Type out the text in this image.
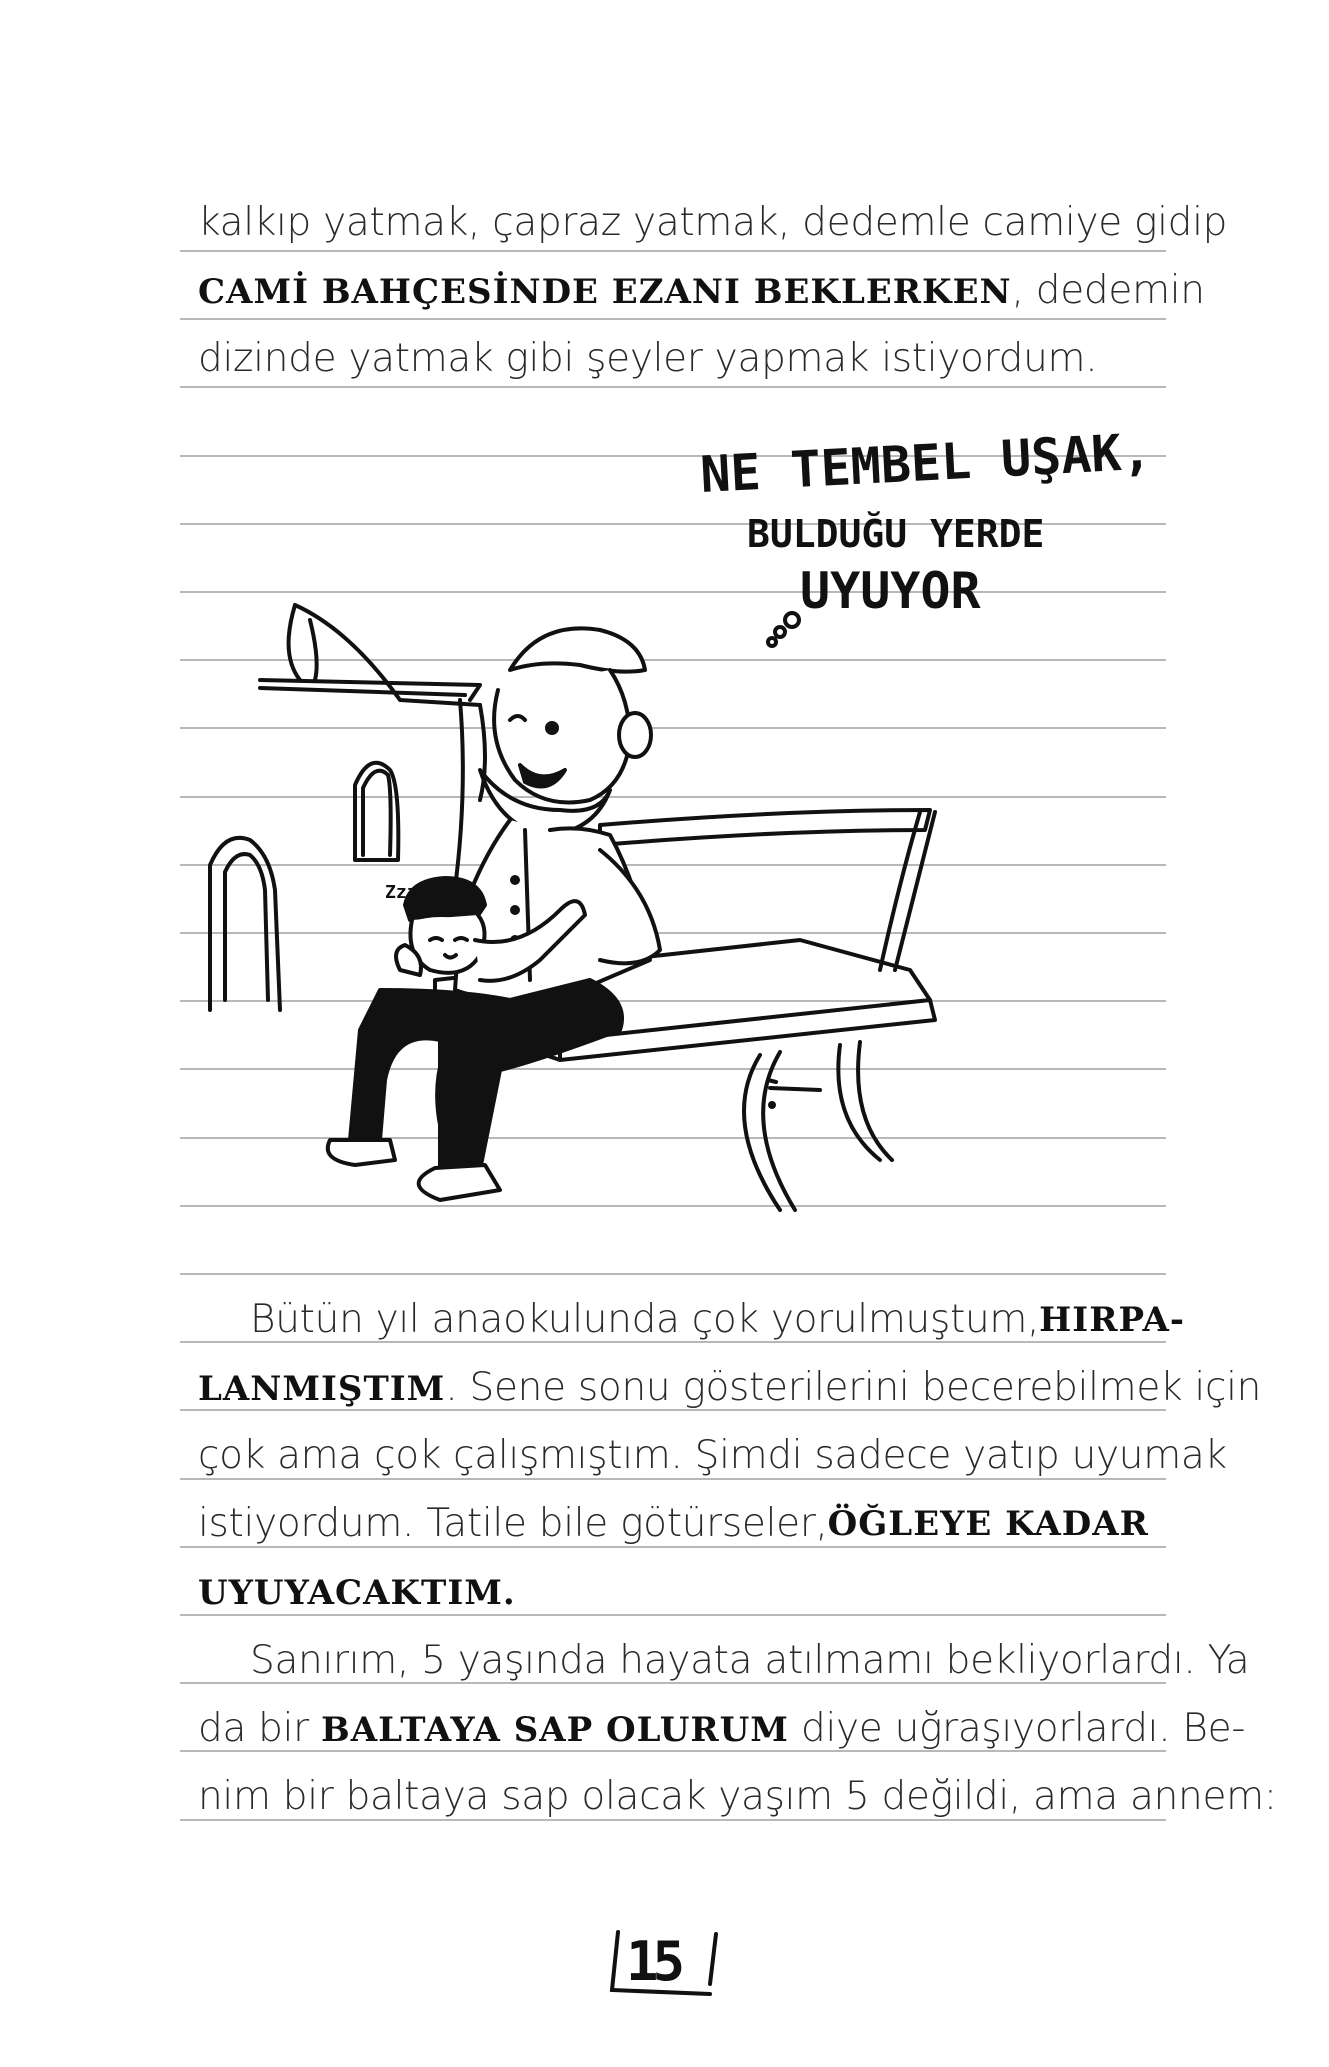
kalkıp yatmak, çapraz yatmak, dedemle camiye gidip
CAMİ BAHÇESİNDE EZANI BEKLERKEN, dedemin
dizinde yatmak gibi şeyler yapmak istiyordum.
NE TEMBEL UŞAK,
BULDUĞU YERDE
UYUYOR
Zzz-
Bütün yıl anaokulunda çok yorulmuştum, HIRPA-
LANMIŞTIM. Sene sonu gösterilerini becerebilmek için
çok ama çok çalışmıştım. Şimdi sadece yatıp uyumak
istiyordum. Tatile bile götürseler, ÖĞLEYE KADAR
UYUYACAKTIM.
Sanırım, 5 yaşında hayata atılmamı bekliyorlardı. Ya
da bir BALTAYA SAP OLURUM diye uğraşıyorlardı. Be-
nim bir baltaya sap olacak yaşım 5 değildi, ama annem:
15
